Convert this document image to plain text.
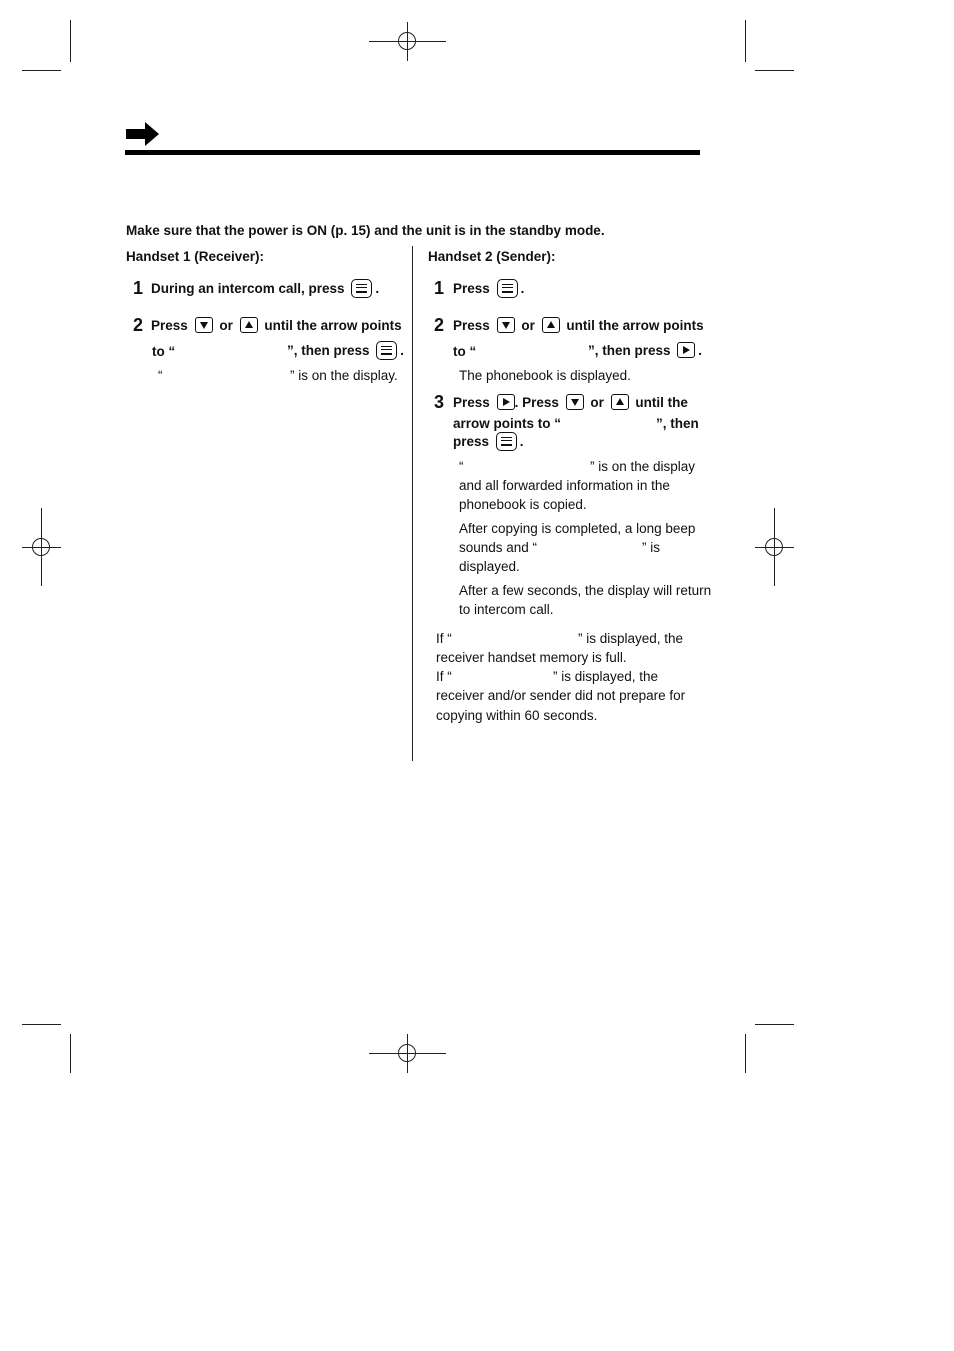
Make sure that the power is ON (p. 15) and the unit is in the standby mode.
Handset 1 (Receiver):
1 During an intercom call, press .
2 Press or until the arrow points
to “	”, then press .
“	” is on the display.
Handset 2 (Sender):
1 Press .
2 Press or until the arrow points
to “	”, then press .
The phonebook is displayed.
3 Press . Press or until the
arrow points to “	”, then
press .
“	” is on the display
and all forwarded information in the
phonebook is copied.
After copying is completed, a long beep
sounds and “	” is
displayed.
After a few seconds, the display will return
to intercom call.
If “	” is displayed, the
receiver handset memory is full.
If “	” is displayed, the
receiver and/or sender did not prepare for
copying within 60 seconds.
